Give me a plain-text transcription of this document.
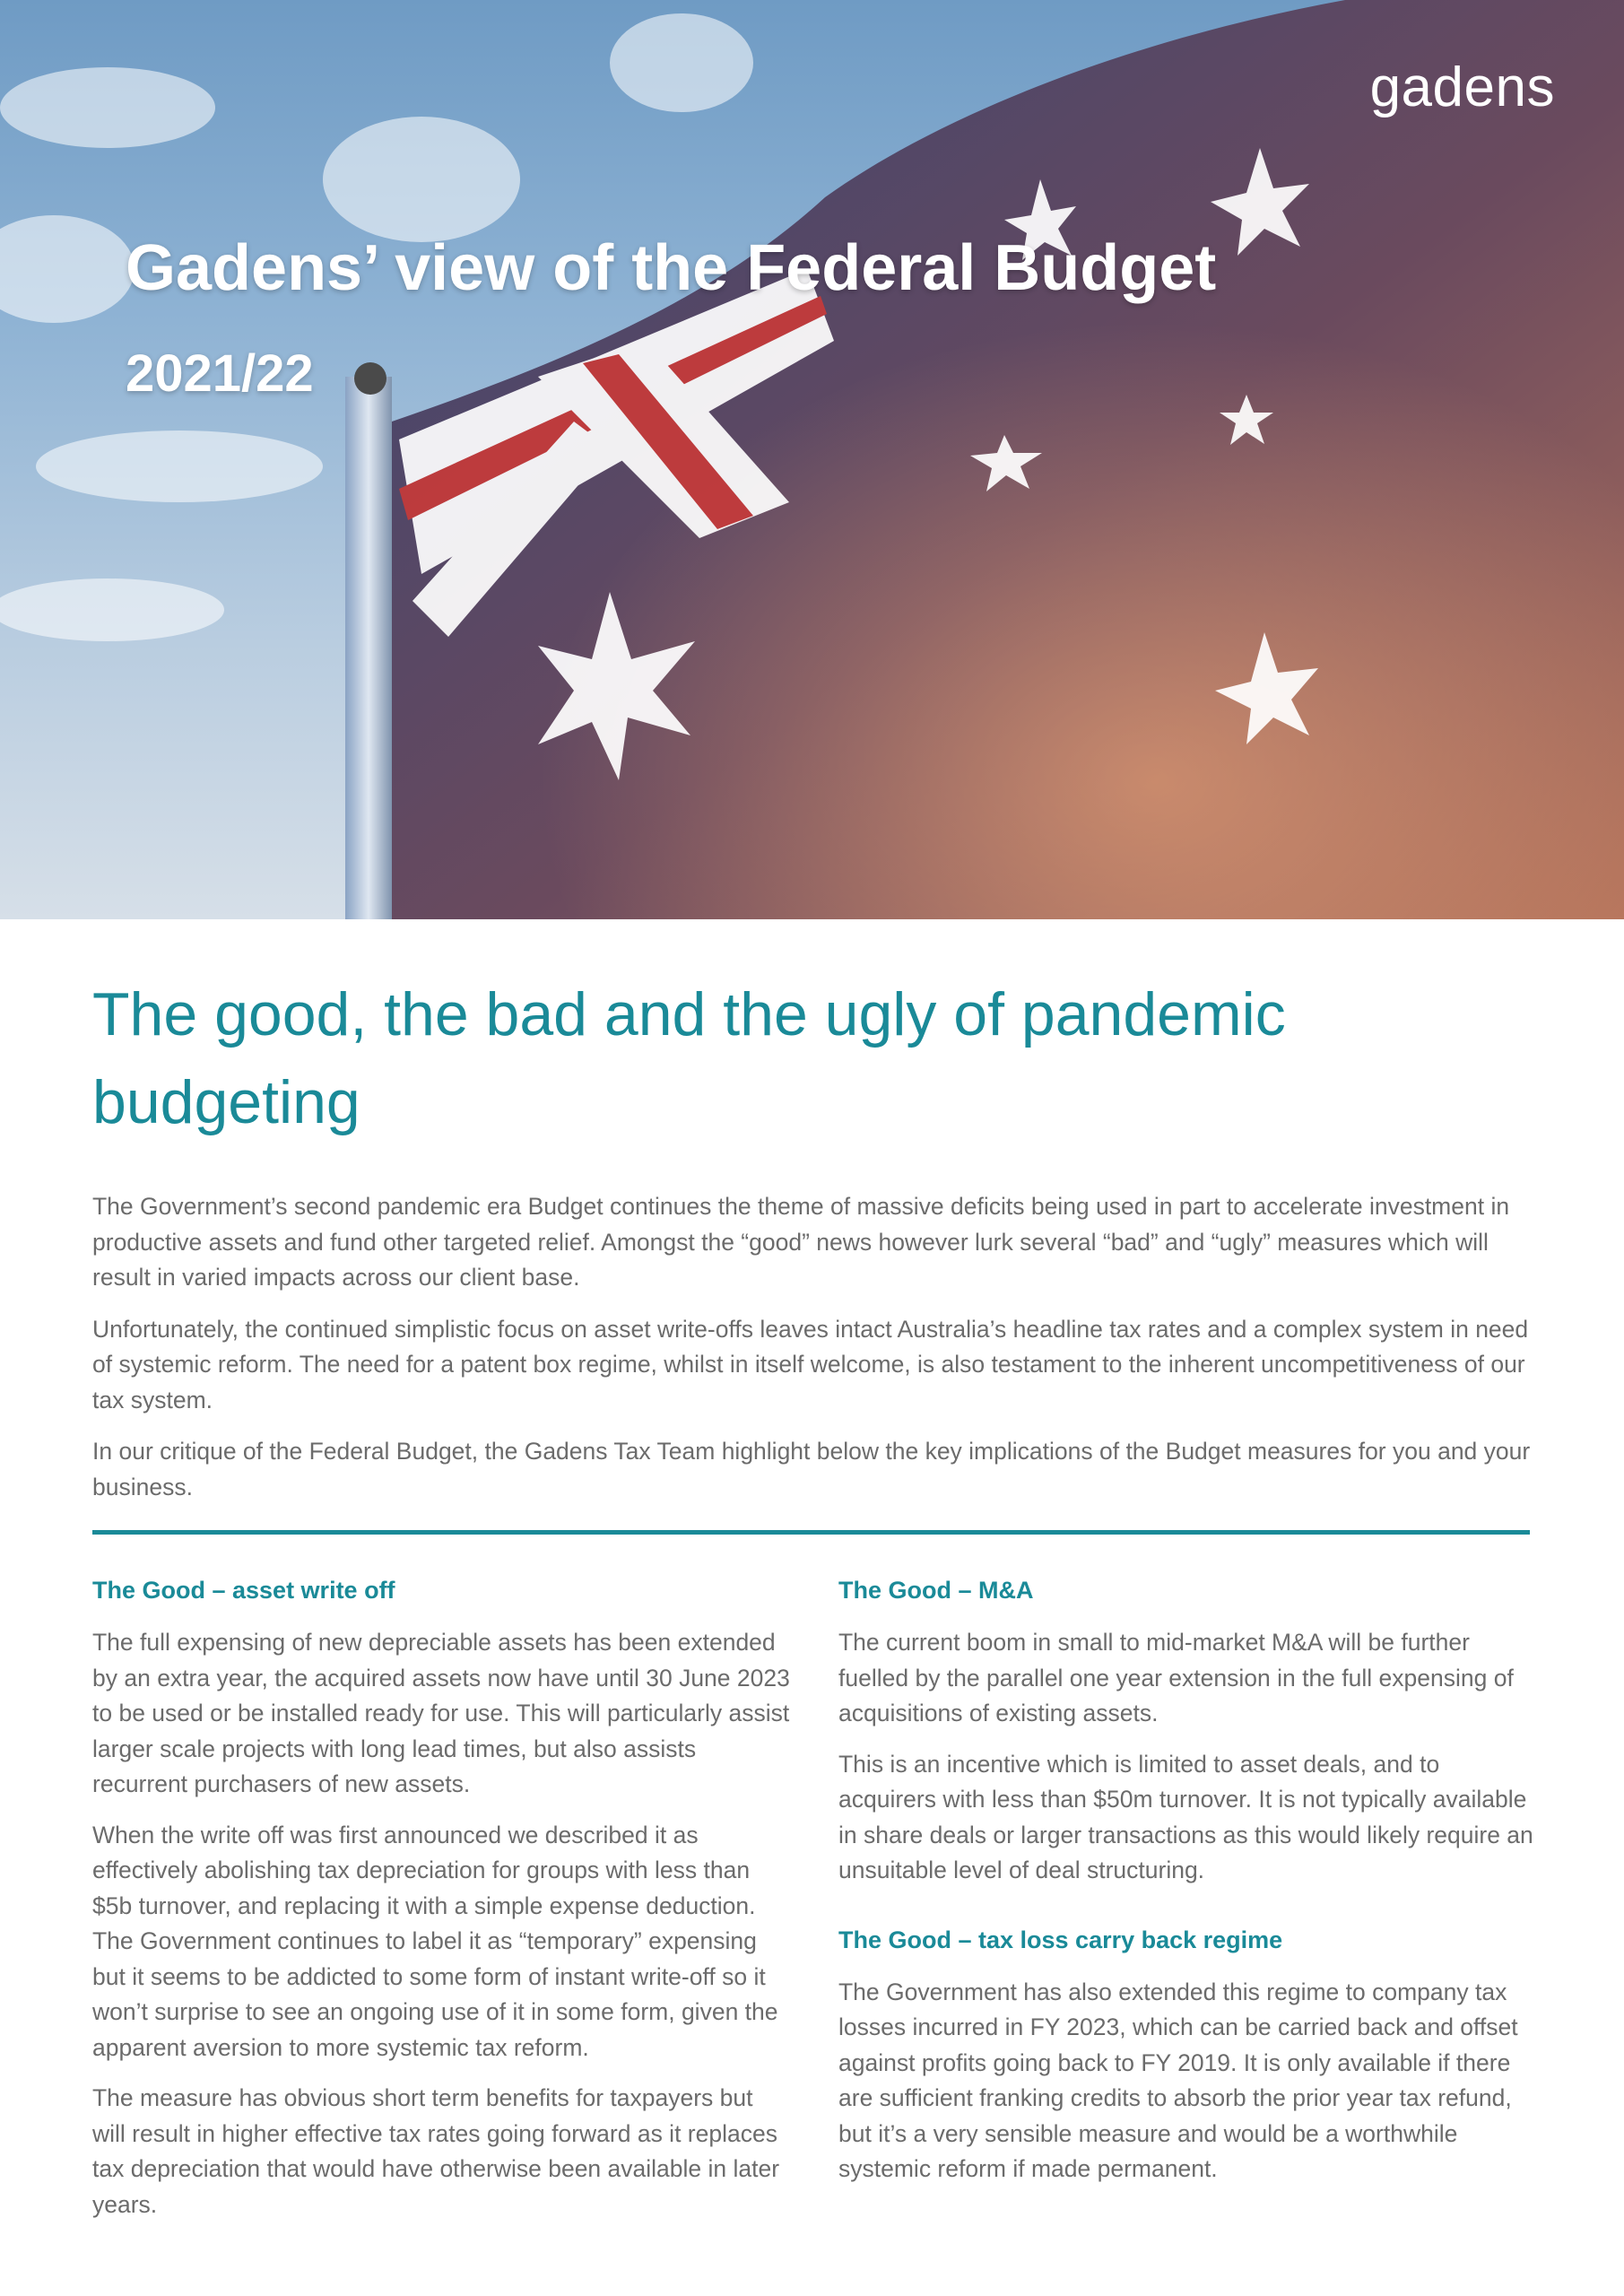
gadens
Gadens’ view of the Federal Budget
2021/22
The good, the bad and the ugly of pandemic
budgeting

The Government’s second pandemic era Budget continues the theme of massive deficits being used in part to accelerate investment in productive assets and fund other targeted relief. Amongst the “good” news however lurk several “bad” and “ugly” measures which will result in varied impacts across our client base.

Unfortunately, the continued simplistic focus on asset write-offs leaves intact Australia’s headline tax rates and a complex system in need of systemic reform. The need for a patent box regime, whilst in itself welcome, is also testament to the inherent uncompetitiveness of our tax system.

In our critique of the Federal Budget, the Gadens Tax Team highlight below the key implications of the Budget measures for you and your business.

The Good – asset write off

The full expensing of new depreciable assets has been extended by an extra year, the acquired assets now have until 30 June 2023 to be used or be installed ready for use. This will particularly assist larger scale projects with long lead times, but also assists recurrent purchasers of new assets.

When the write off was first announced we described it as effectively abolishing tax depreciation for groups with less than $5b turnover, and replacing it with a simple expense deduction. The Government continues to label it as “temporary” expensing but it seems to be addicted to some form of instant write-off so it won’t surprise to see an ongoing use of it in some form, given the apparent aversion to more systemic tax reform.

The measure has obvious short term benefits for taxpayers but will result in higher effective tax rates going forward as it replaces tax depreciation that would have otherwise been available in later years.

The Good – M&A

The current boom in small to mid-market M&A will be further fuelled by the parallel one year extension in the full expensing of acquisitions of existing assets.

This is an incentive which is limited to asset deals, and to acquirers with less than $50m turnover. It is not typically available in share deals or larger transactions as this would likely require an unsuitable level of deal structuring.

The Good – tax loss carry back regime

The Government has also extended this regime to company tax losses incurred in FY 2023, which can be carried back and offset against profits going back to FY 2019. It is only available if there are sufficient franking credits to absorb the prior year tax refund, but it’s a very sensible measure and would be a worthwhile systemic reform if made permanent.
